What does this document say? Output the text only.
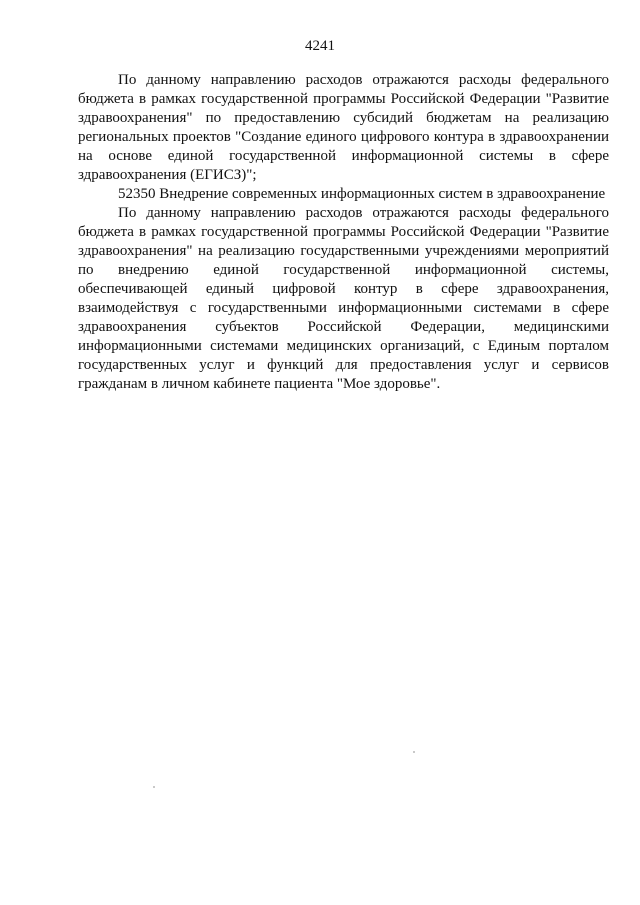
4241

По данному направлению расходов отражаются расходы федерального бюджета в рамках государственной программы Российской Федерации "Развитие здравоохранения" по предоставлению субсидий бюджетам на реализацию региональных проектов "Создание единого цифрового контура в здравоохранении на основе единой государственной информационной системы в сфере здравоохранения (ЕГИСЗ)";

52350 Внедрение современных информационных систем в здравоохранение

По данному направлению расходов отражаются расходы федерального бюджета в рамках государственной программы Российской Федерации "Развитие здравоохранения" на реализацию государственными учреждениями мероприятий по внедрению единой государственной информационной системы, обеспечивающей единый цифровой контур в сфере здравоохранения, взаимодействуя с государственными информационными системами в сфере здравоохранения субъектов Российской Федерации, медицинскими информационными системами медицинских организаций, с Единым порталом государственных услуг и функций для предоставления услуг и сервисов гражданам в личном кабинете пациента "Мое здоровье".
